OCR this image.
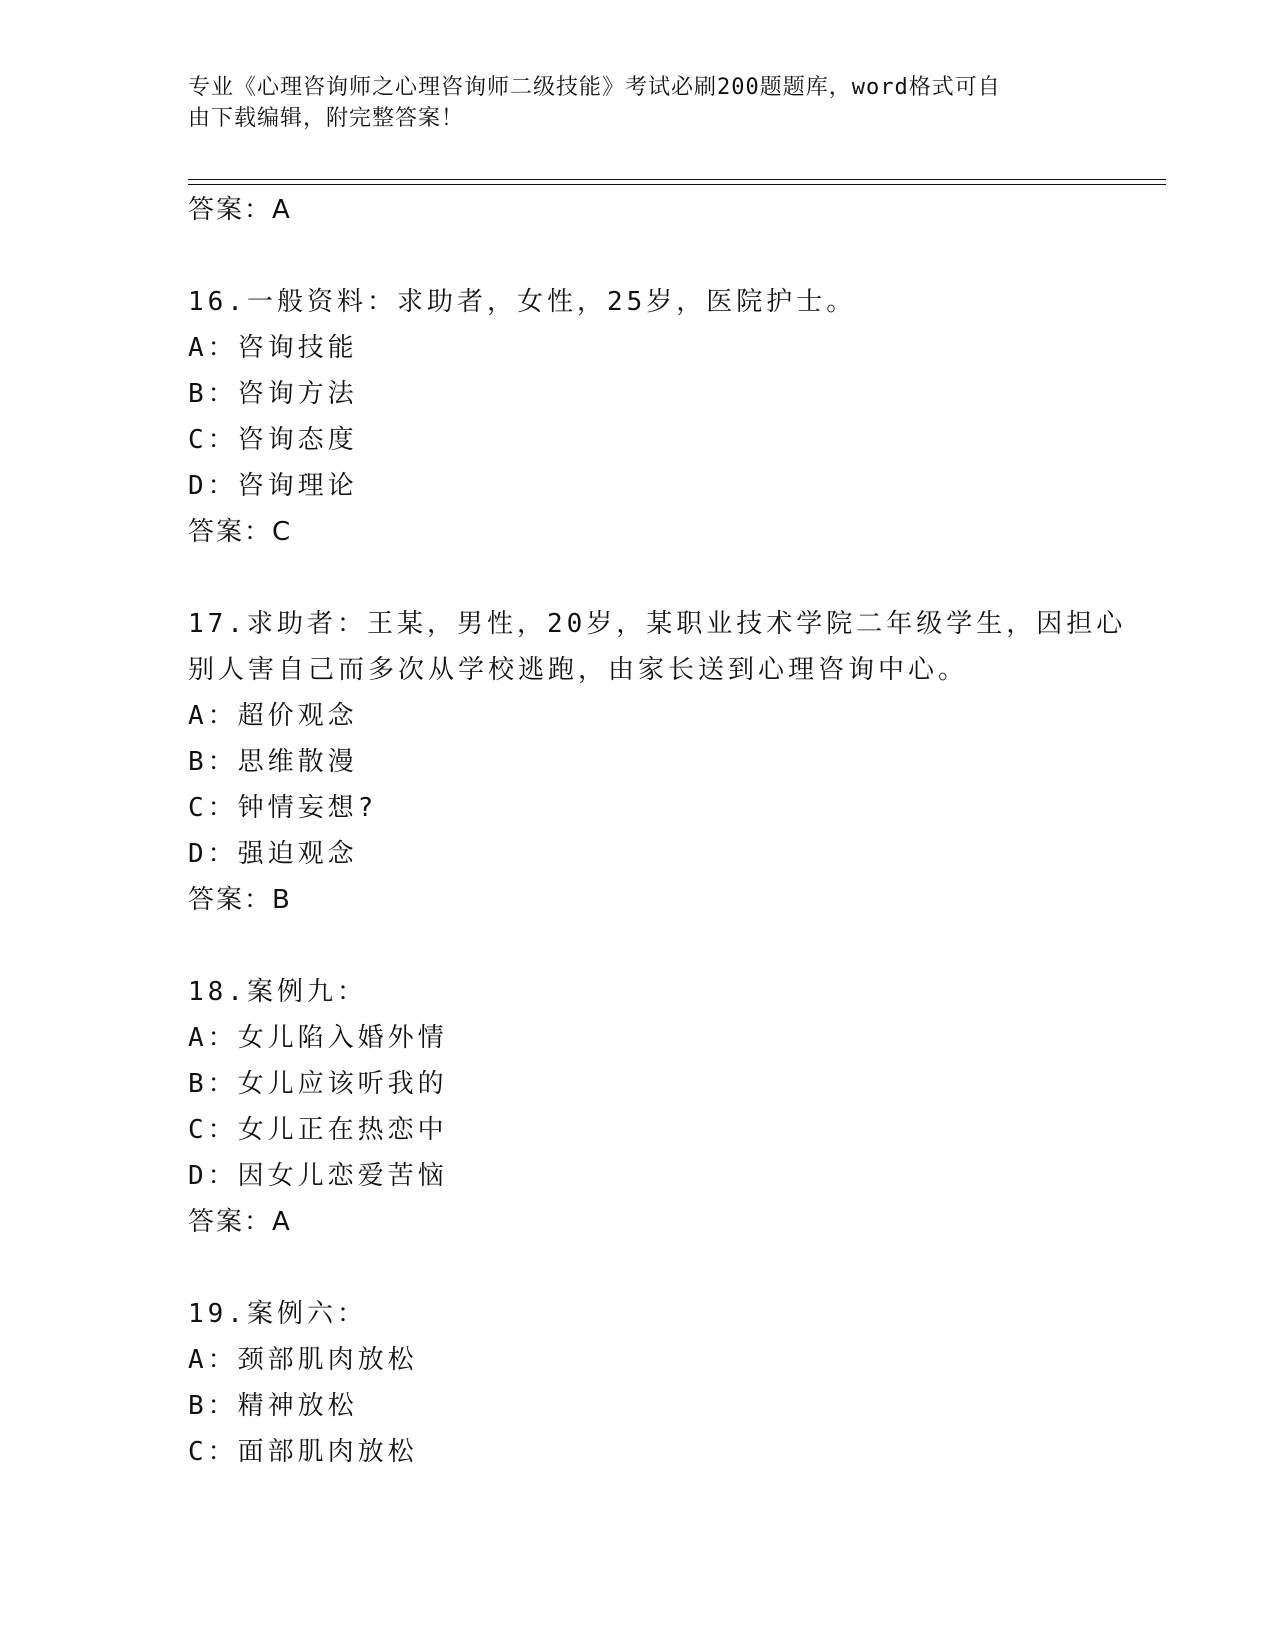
专业《心理咨询师之心理咨询师二级技能》考试必刷200题题库，word格式可自
由下载编辑，附完整答案！
答案：A
16.一般资料：求助者，女性，25岁，医院护士。
A：咨询技能
B：咨询方法
C：咨询态度
D：咨询理论
答案：C
17.求助者：王某，男性，20岁，某职业技术学院二年级学生，因担心
别人害自己而多次从学校逃跑，由家长送到心理咨询中心。
A：超价观念
B：思维散漫
C：钟情妄想?
D：强迫观念
答案：B
18.案例九：
A：女儿陷入婚外情
B：女儿应该听我的
C：女儿正在热恋中
D：因女儿恋爱苦恼
答案：A
19.案例六：
A：颈部肌肉放松
B：精神放松
C：面部肌肉放松
